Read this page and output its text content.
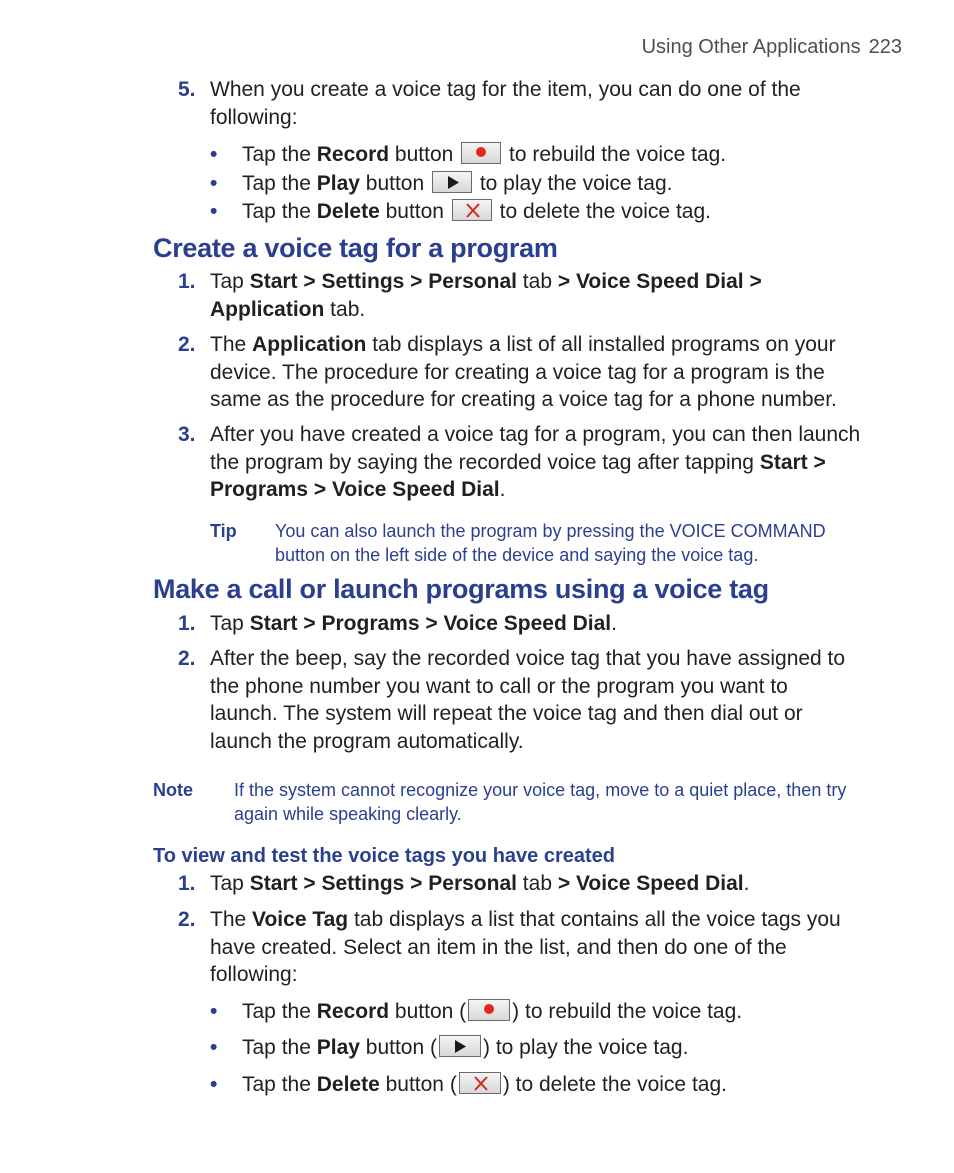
Using Other Applications 223
5. When you create a voice tag for the item, you can do one of the following:
• Tap the Record button
to rebuild the voice tag.
• Tap the Play button
to play the voice tag.
• Tap the Delete button
to delete the voice tag.
Create a voice tag for a program
1. Tap Start > Settings > Personal tab > Voice Speed Dial >
Application tab.
2. The Application tab displays a list of all installed programs on your device. The procedure for creating a voice tag for a program is the same as the procedure for creating a voice tag for a phone number.
3. After you have created a voice tag for a program, you can then launch the program by saying the recorded voice tag after tapping Start > Programs > Voice Speed Dial.
Tip You can also launch the program by pressing the VOICE COMMAND button on the left side of the device and saying the voice tag.
Make a call or launch programs using a voice tag
1. Tap Start > Programs > Voice Speed Dial.
2. After the beep, say the recorded voice tag that you have assigned to the phone number you want to call or the program you want to launch. The system will repeat the voice tag and then dial out or launch the program automatically.
Note If the system cannot recognize your voice tag, move to a quiet place, then try again while speaking clearly.
To view and test the voice tags you have created
1. Tap Start > Settings > Personal tab > Voice Speed Dial.
2. The Voice Tag tab displays a list that contains all the voice tags you have created. Select an item in the list, and then do one of the following:
• Tap the Record button ( ) to rebuild the voice tag.
• Tap the Play button ( ) to play the voice tag.
• Tap the Delete button ( ) to delete the voice tag.
